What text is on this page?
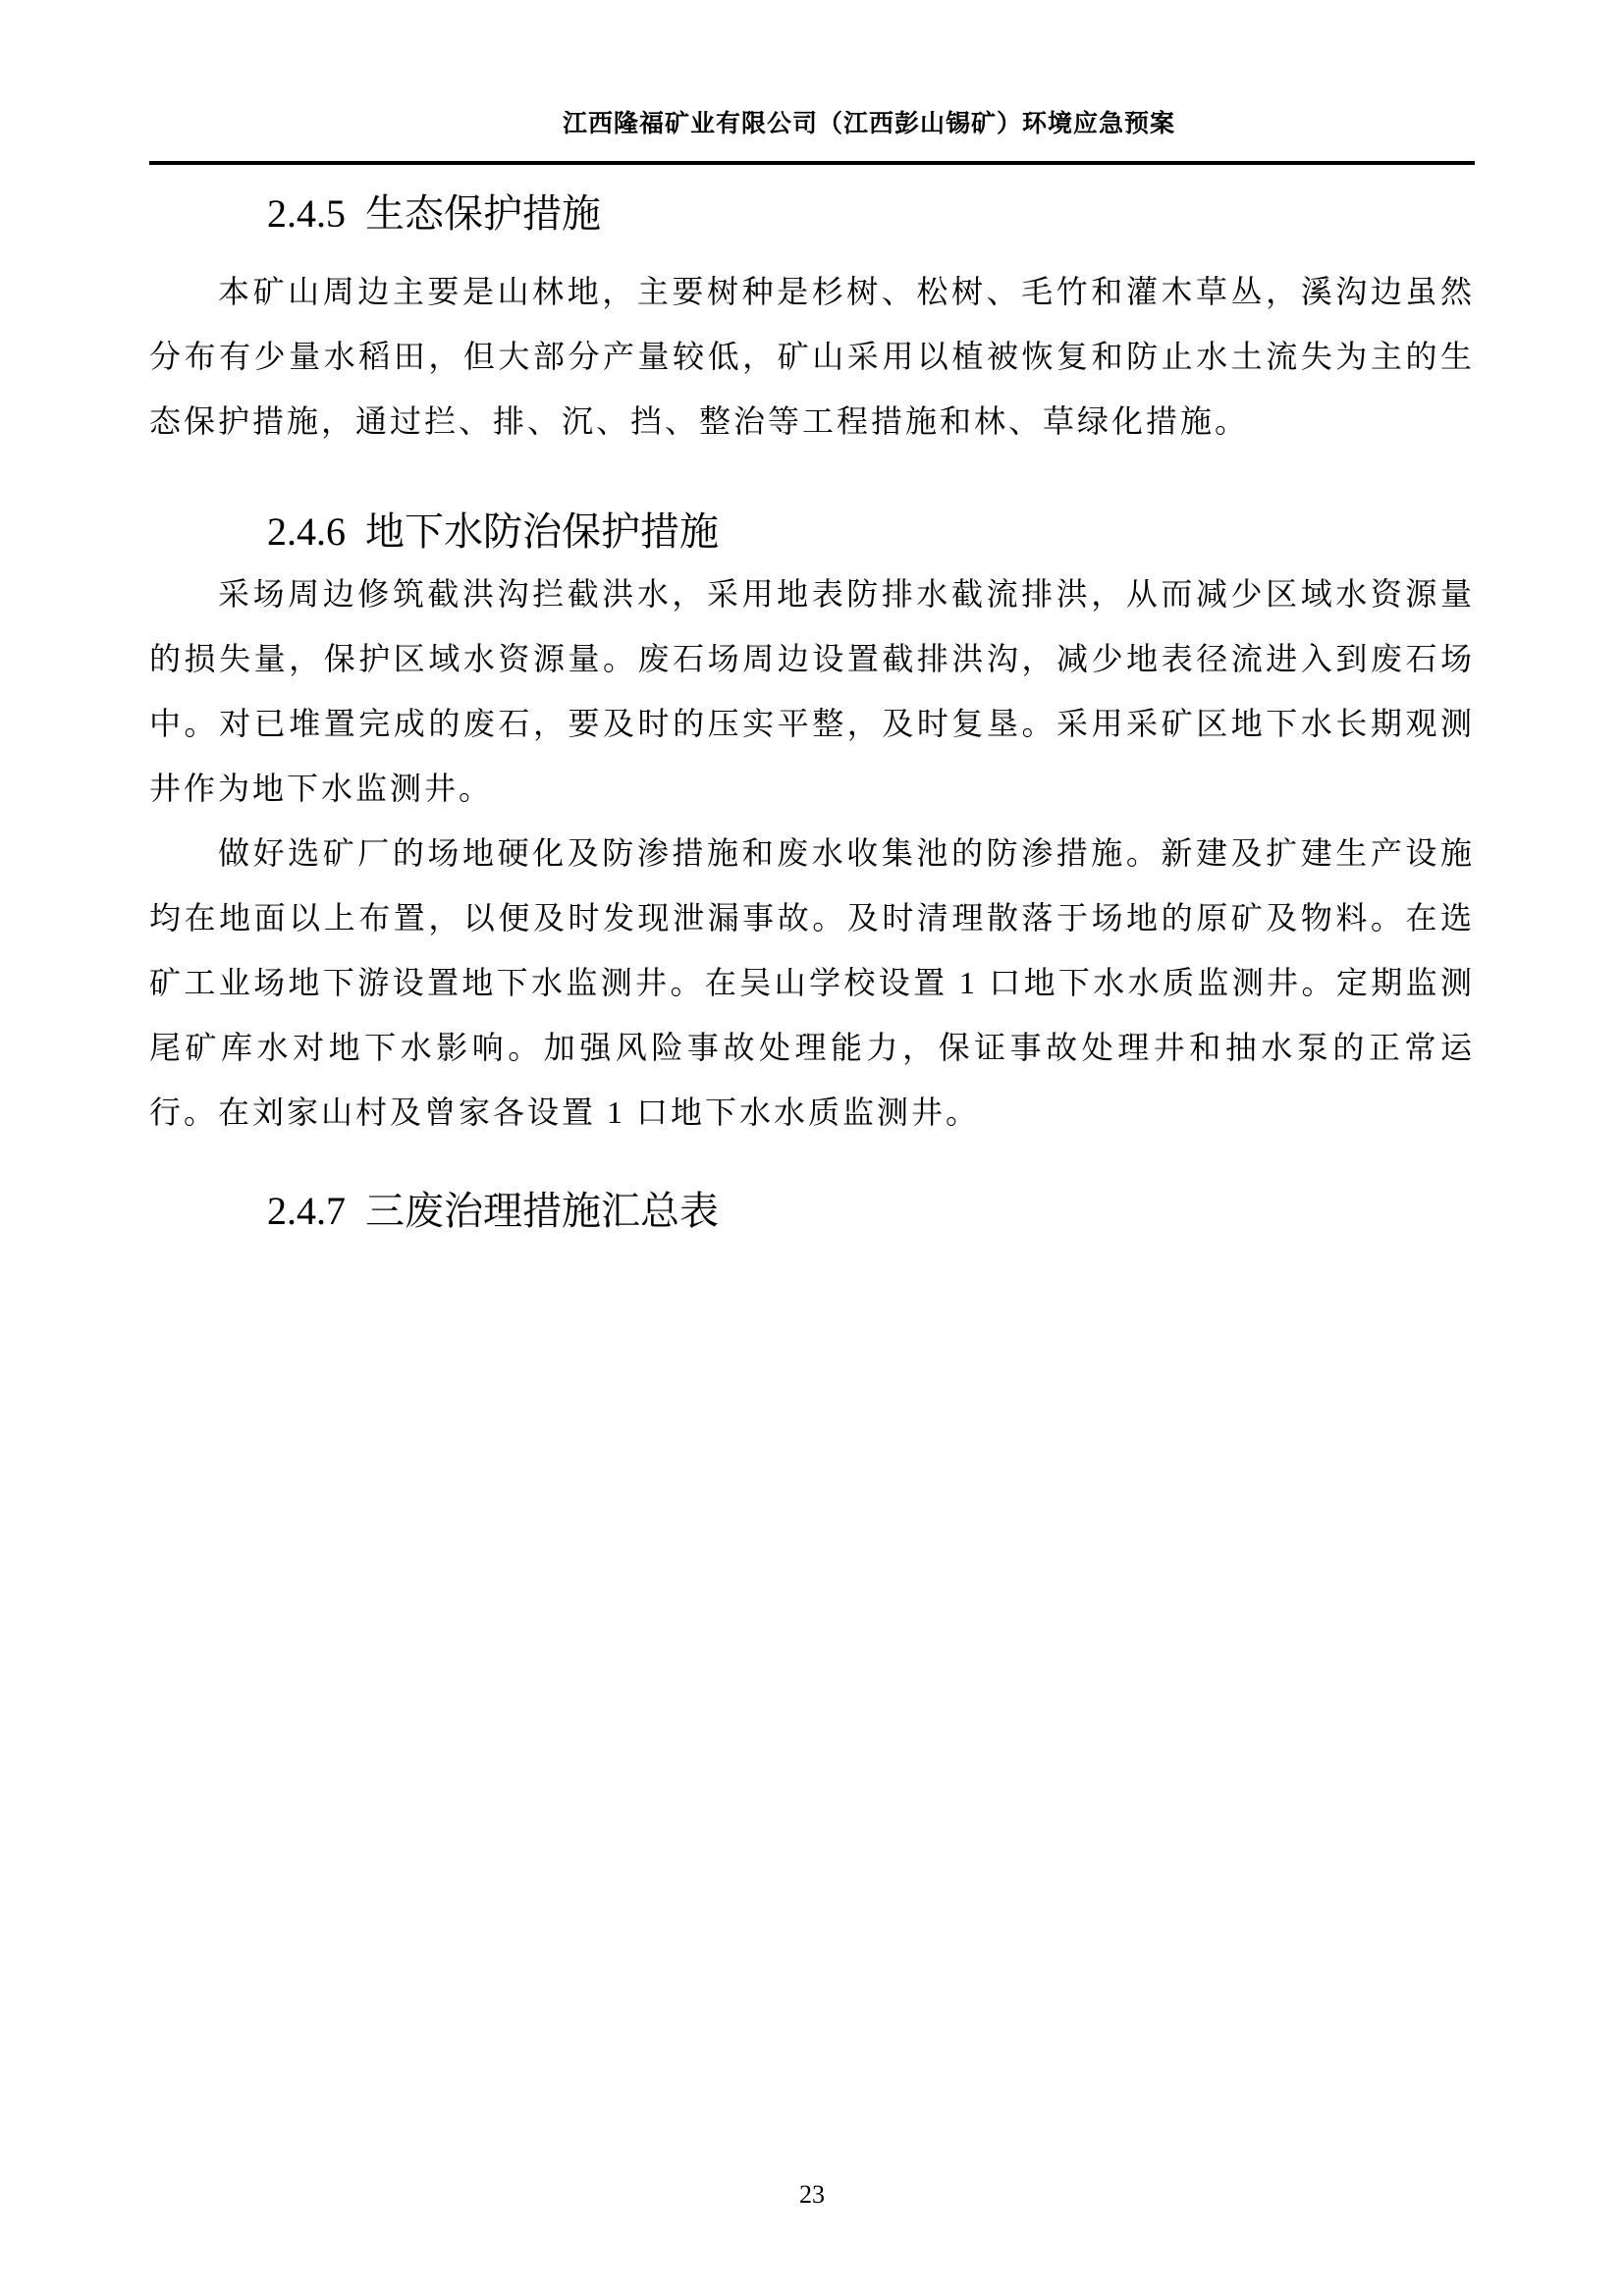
江西隆福矿业有限公司（江西彭山锡矿）环境应急预案
2.4.5 生态保护措施

本矿山周边主要是山林地，主要树种是杉树、松树、毛竹和灌木草丛，溪沟边虽然分布有少量水稻田，但大部分产量较低，矿山采用以植被恢复和防止水土流失为主的生态保护措施，通过拦、排、沉、挡、整治等工程措施和林、草绿化措施。

2.4.6 地下水防治保护措施

采场周边修筑截洪沟拦截洪水，采用地表防排水截流排洪，从而减少区域水资源量的损失量，保护区域水资源量。废石场周边设置截排洪沟，减少地表径流进入到废石场中。对已堆置完成的废石，要及时的压实平整，及时复垦。采用采矿区地下水长期观测井作为地下水监测井。

做好选矿厂的场地硬化及防渗措施和废水收集池的防渗措施。新建及扩建生产设施均在地面以上布置，以便及时发现泄漏事故。及时清理散落于场地的原矿及物料。在选矿工业场地下游设置地下水监测井。在吴山学校设置 1 口地下水水质监测井。定期监测尾矿库水对地下水影响。加强风险事故处理能力，保证事故处理井和抽水泵的正常运行。在刘家山村及曾家各设置 1 口地下水水质监测井。

2.4.7 三废治理措施汇总表
23
